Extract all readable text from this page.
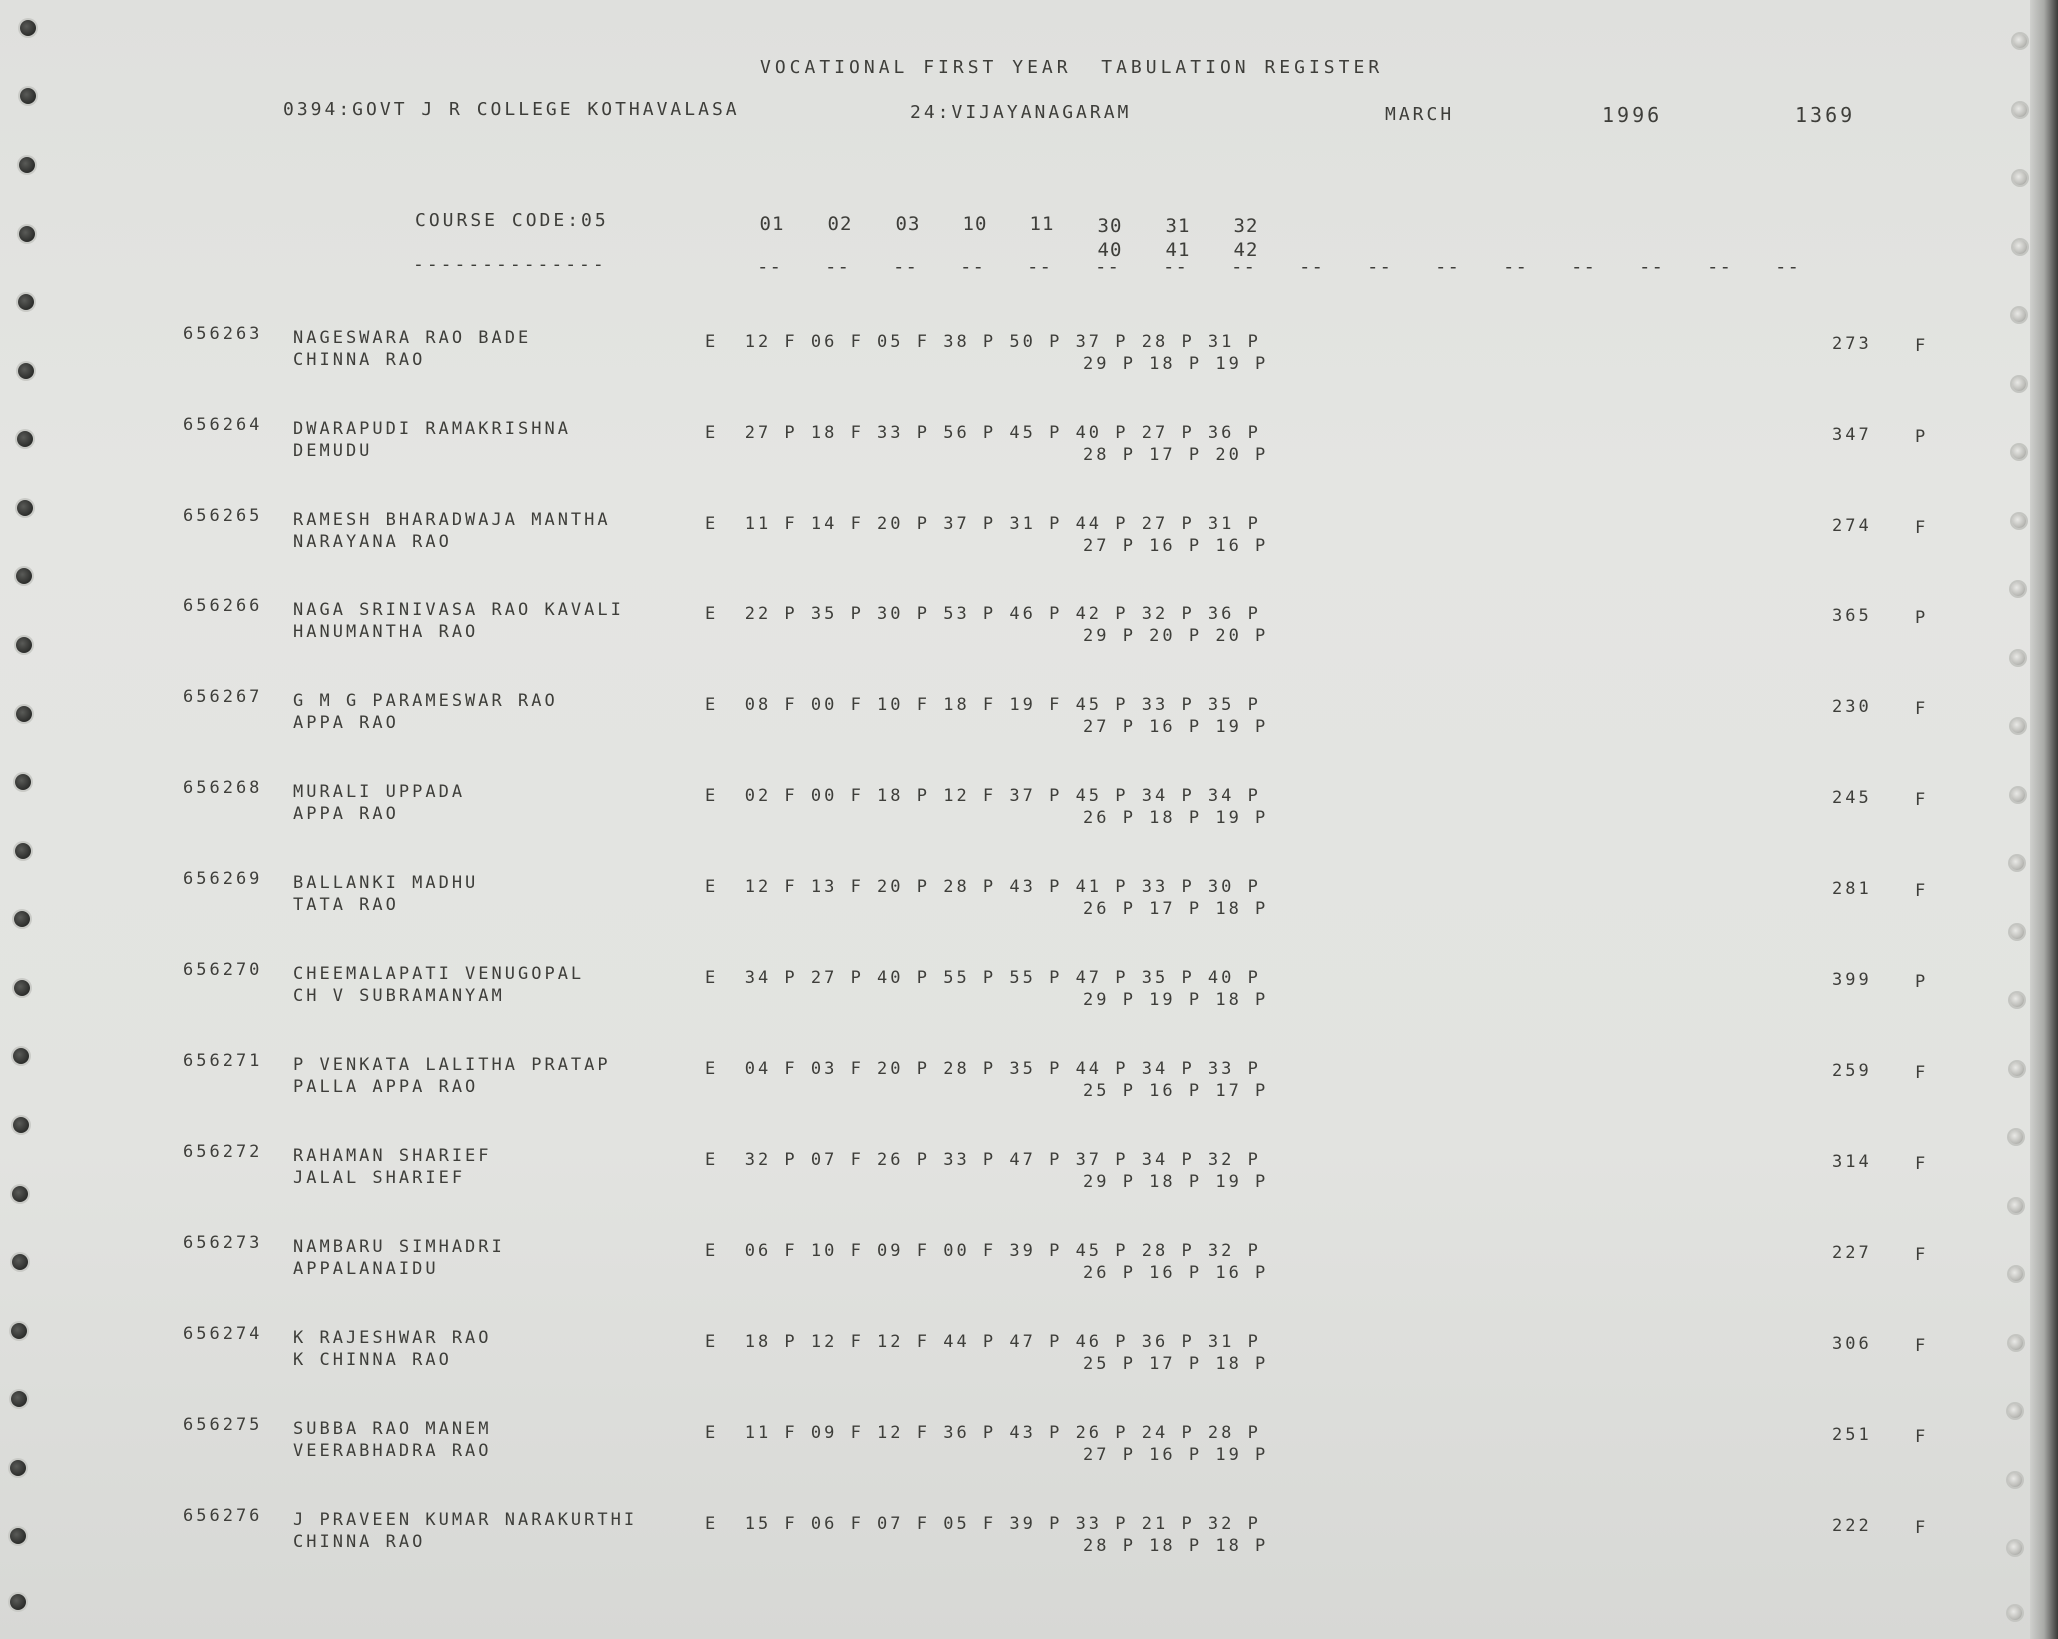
VOCATIONAL FIRST YEAR  TABULATION REGISTER
0394:GOVT J R COLLEGE KOTHAVALASA	24:VIJAYANAGARAM	MARCH	1996	1369
COURSE CODE:05
--------------
01	02	03	10	11	30	31	32
40	41	42
-- -- -- -- -- -- -- -- -- -- -- -- -- -- -- --
656263 NAGESWARA RAO BADE
CHINNA RAO
E  12 F 06 F 05 F 38 P 50 P 37 P 28 P 31 P
29 P 18 P 19 P
273	F
656264 DWARAPUDI RAMAKRISHNA
DEMUDU
E  27 P 18 F 33 P 56 P 45 P 40 P 27 P 36 P
28 P 17 P 20 P
347	P
656265 RAMESH BHARADWAJA MANTHA
NARAYANA RAO
E  11 F 14 F 20 P 37 P 31 P 44 P 27 P 31 P
27 P 16 P 16 P
274	F
656266 NAGA SRINIVASA RAO KAVALI
HANUMANTHA RAO
E  22 P 35 P 30 P 53 P 46 P 42 P 32 P 36 P
29 P 20 P 20 P
365	P
656267 G M G PARAMESWAR RAO
APPA RAO
E  08 F 00 F 10 F 18 F 19 F 45 P 33 P 35 P
27 P 16 P 19 P
230	F
656268 MURALI UPPADA
APPA RAO
E  02 F 00 F 18 P 12 F 37 P 45 P 34 P 34 P
26 P 18 P 19 P
245	F
656269 BALLANKI MADHU
TATA RAO
E  12 F 13 F 20 P 28 P 43 P 41 P 33 P 30 P
26 P 17 P 18 P
281	F
656270 CHEEMALAPATI VENUGOPAL
CH V SUBRAMANYAM
E  34 P 27 P 40 P 55 P 55 P 47 P 35 P 40 P
29 P 19 P 18 P
399	P
656271 P VENKATA LALITHA PRATAP
PALLA APPA RAO
E  04 F 03 F 20 P 28 P 35 P 44 P 34 P 33 P
25 P 16 P 17 P
259	F
656272 RAHAMAN SHARIEF
JALAL SHARIEF
E  32 P 07 F 26 P 33 P 47 P 37 P 34 P 32 P
29 P 18 P 19 P
314	F
656273 NAMBARU SIMHADRI
APPALANAIDU
E  06 F 10 F 09 F 00 F 39 P 45 P 28 P 32 P
26 P 16 P 16 P
227	F
656274 K RAJESHWAR RAO
K CHINNA RAO
E  18 P 12 F 12 F 44 P 47 P 46 P 36 P 31 P
25 P 17 P 18 P
306	F
656275 SUBBA RAO MANEM
VEERABHADRA RAO
E  11 F 09 F 12 F 36 P 43 P 26 P 24 P 28 P
27 P 16 P 19 P
251	F
656276 J PRAVEEN KUMAR NARAKURTHI
CHINNA RAO
E  15 F 06 F 07 F 05 F 39 P 33 P 21 P 32 P
28 P 18 P 18 P
222	F
